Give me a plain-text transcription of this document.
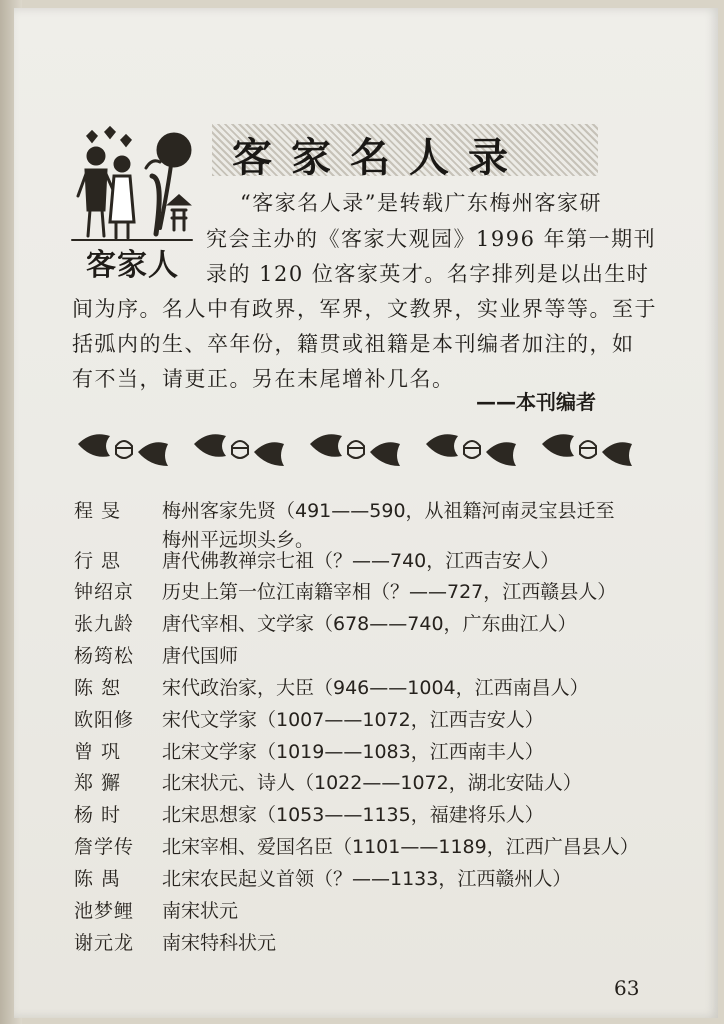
客家人
客家名人录
“客家名人录”是转载广东梅州客家研
究会主办的《客家大观园》1996 年第一期刊
录的 120 位客家英才。名字排列是以出生时
间为序。名人中有政界，军界，文教界，实业界等等。至于
括弧内的生、卒年份，籍贯或祖籍是本刊编者加注的，如
有不当，请更正。另在末尾增补几名。
——本刊编者
程 旻	梅州客家先贤（491——590，从祖籍河南灵宝县迁至
梅州平远坝头乡。
行 思	唐代佛教禅宗七祖（？——740，江西吉安人）
钟绍京	历史上第一位江南籍宰相（？——727，江西赣县人）
张九龄	唐代宰相、文学家（678——740，广东曲江人）
杨筠松	唐代国师
陈 恕	宋代政治家，大臣（946——1004，江西南昌人）
欧阳修	宋代文学家（1007——1072，江西吉安人）
曾 巩	北宋文学家（1019——1083，江西南丰人）
郑 獬	北宋状元、诗人（1022——1072，湖北安陆人）
杨 时	北宋思想家（1053——1135，福建将乐人）
詹学传	北宋宰相、爱国名臣（1101——1189，江西广昌县人）
陈 禺	北宋农民起义首领（？——1133，江西赣州人）
池梦鲤	南宋状元
谢元龙	南宋特科状元
63
